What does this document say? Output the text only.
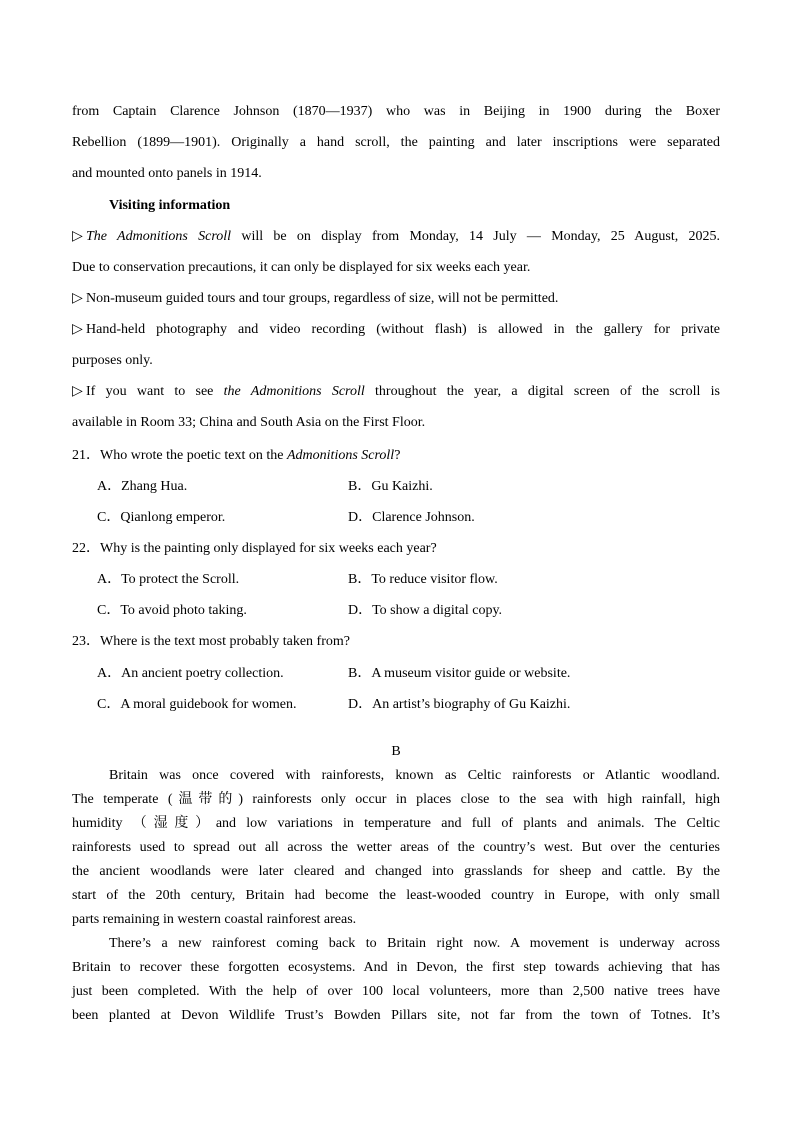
from Captain Clarence Johnson (1870—1937) who was in Beijing in 1900 during the Boxer
Rebellion (1899—1901). Originally a hand scroll, the painting and later inscriptions were separated
and mounted onto panels in 1914.
Visiting information
▷ The Admonitions Scroll will be on display from Monday, 14 July — Monday, 25 August, 2025.
Due to conservation precautions, it can only be displayed for six weeks each year.
▷ Non-museum guided tours and tour groups, regardless of size, will not be permitted.
▷ Hand-held photography and video recording (without flash) is allowed in the gallery for private
purposes only.
▷ If you want to see the Admonitions Scroll throughout the year, a digital screen of the scroll is
available in Room 33; China and South Asia on the First Floor.
21．Who wrote the poetic text on the Admonitions Scroll?
A．Zhang Hua.	B．Gu Kaizhi.
C．Qianlong emperor.	D．Clarence Johnson.
22．Why is the painting only displayed for six weeks each year?
A．To protect the Scroll.	B．To reduce visitor flow.
C．To avoid photo taking.	D．To show a digital copy.
23．Where is the text most probably taken from?
A．An ancient poetry collection.	B．A museum visitor guide or website.
C．A moral guidebook for women.	D．An artist’s biography of Gu Kaizhi.
B
Britain was once covered with rainforests, known as Celtic rainforests or Atlantic woodland.
The temperate (温带的) rainforests only occur in places close to the sea with high rainfall, high
humidity （湿度）and low variations in temperature and full of plants and animals. The Celtic
rainforests used to spread out all across the wetter areas of the country’s west. But over the centuries
the ancient woodlands were later cleared and changed into grasslands for sheep and cattle. By the
start of the 20th century, Britain had become the least-wooded country in Europe, with only small
parts remaining in western coastal rainforest areas.
There’s a new rainforest coming back to Britain right now. A movement is underway across
Britain to recover these forgotten ecosystems. And in Devon, the first step towards achieving that has
just been completed. With the help of over 100 local volunteers, more than 2,500 native trees have
been planted at Devon Wildlife Trust’s Bowden Pillars site, not far from the town of Totnes. It’s
